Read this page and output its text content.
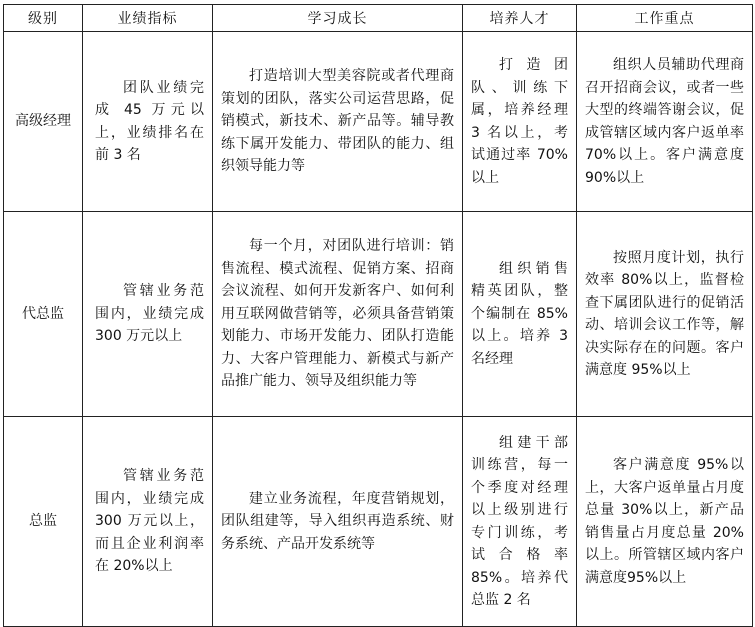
级别	业绩指标	学习成长	培养人才	工作重点
高级经理	团队业绩完成 45 万元以上，业绩排名在前 3 名	打造培训大型美容院或者代理商策划的团队，落实公司运营思路，促销模式，新技术、新产品等。辅导教练下属开发能力、带团队的能力、组织领导能力等	打造团队、训练下属，培养经理 3 名以上，考试通过率 70%以上	组织人员辅助代理商召开招商会议，或者一些大型的终端答谢会议，促成管辖区域内客户返单率 70%以上。客户满意度90%以上
代总监	管辖业务范围内，业绩完成 300 万元以上	每一个月，对团队进行培训：销售流程、模式流程、促销方案、招商会议流程、如何开发新客户、如何利用互联网做营销等，必须具备营销策划能力、市场开发能力、团队打造能力、大客户管理能力、新模式与新产品推广能力、领导及组织能力等	组织销售精英团队，整个编制在 85%以上。培养 3 名经理	按照月度计划，执行效率 80%以上，监督检查下属团队进行的促销活动、培训会议工作等，解决实际存在的问题。客户满意度 95%以上
总监	管辖业务范围内，业绩完成 300 万元以上，而且企业利润率在 20%以上	建立业务流程，年度营销规划，团队组建等，导入组织再造系统、财务系统、产品开发系统等	组建干部训练营，每一个季度对经理以上级别进行专门训练，考试合格率 85%。培养代总监 2 名	客户满意度 95%以上，大客户返单量占月度总量 30%以上，新产品销售量占月度总量 20%以上。所管辖区域内客户满意度95%以上
